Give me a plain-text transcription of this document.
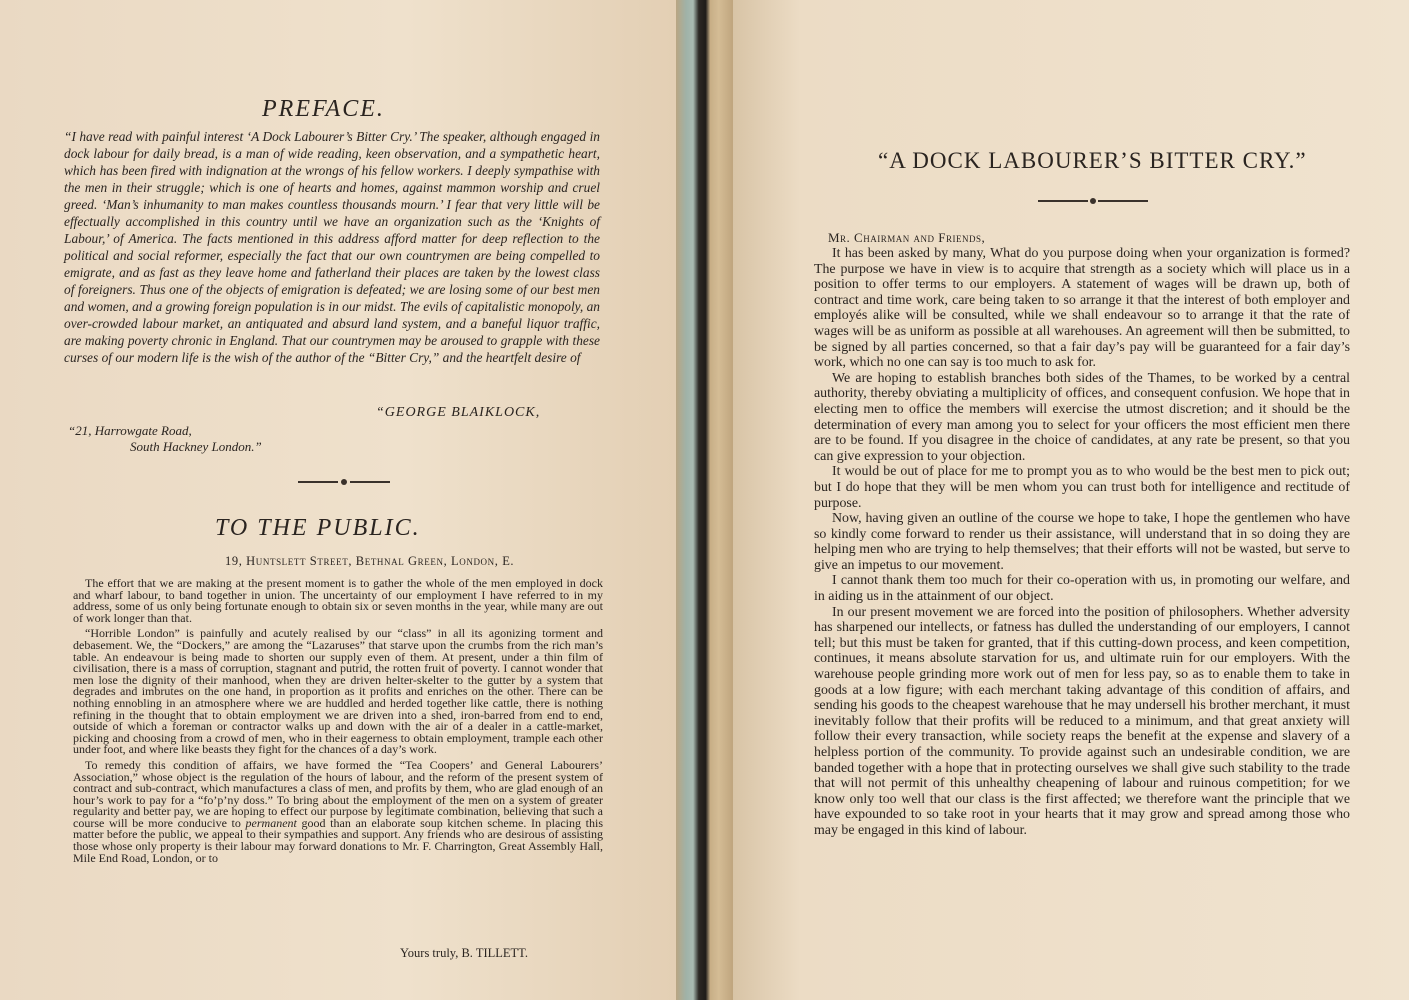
PREFACE.
“I have read with painful interest ‘A Dock Labourer’s Bitter Cry.’ The speaker, although engaged in dock labour for daily bread, is a man of wide reading, keen observation, and a sympathetic heart, which has been fired with indignation at the wrongs of his fellow workers. I deeply sympathise with the men in their struggle; which is one of hearts and homes, against mammon worship and cruel greed. ‘Man’s inhumanity to man makes countless thousands mourn.’ I fear that very little will be effectually accomplished in this country until we have an organization such as the ‘Knights of Labour,’ of America. The facts mentioned in this address afford matter for deep reflection to the political and social reformer, especially the fact that our own countrymen are being compelled to emigrate, and as fast as they leave home and fatherland their places are taken by the lowest class of foreigners. Thus one of the objects of emigration is defeated; we are losing some of our best men and women, and a growing foreign population is in our midst. The evils of capitalistic monopoly, an over-crowded labour market, an antiquated and absurd land system, and a baneful liquor traffic, are making poverty chronic in England. That our countrymen may be aroused to grapple with these curses of our modern life is the wish of the author of the “Bitter Cry,” and the heartfelt desire of
“GEORGE BLAIKLOCK,
“21, Harrowgate Road,
South Hackney London.”
TO THE PUBLIC.
19, Huntslett Street, Bethnal Green, London, E.

The effort that we are making at the present moment is to gather the whole of the men employed in dock and wharf labour, to band together in union. The uncertainty of our employment I have referred to in my address, some of us only being fortunate enough to obtain six or seven months in the year, while many are out of work longer than that.

“Horrible London” is painfully and acutely realised by our “class” in all its agonizing torment and debasement. We, the “Dockers,” are among the “Lazaruses” that starve upon the crumbs from the rich man’s table. An endeavour is being made to shorten our supply even of them. At present, under a thin film of civilisation, there is a mass of corruption, stagnant and putrid, the rotten fruit of poverty. I cannot wonder that men lose the dignity of their manhood, when they are driven helter-skelter to the gutter by a system that degrades and imbrutes on the one hand, in proportion as it profits and enriches on the other. There can be nothing ennobling in an atmosphere where we are huddled and herded together like cattle, there is nothing refining in the thought that to obtain employment we are driven into a shed, iron-barred from end to end, outside of which a foreman or contractor walks up and down with the air of a dealer in a cattle-market, picking and choosing from a crowd of men, who in their eagerness to obtain employment, trample each other under foot, and where like beasts they fight for the chances of a day’s work.

To remedy this condition of affairs, we have formed the “Tea Coopers’ and General Labourers’ Association,” whose object is the regulation of the hours of labour, and the reform of the present system of contract and sub-contract, which manufactures a class of men, and profits by them, who are glad enough of an hour’s work to pay for a “fo’p’ny doss.” To bring about the employment of the men on a system of greater regularity and better pay, we are hoping to effect our purpose by legitimate combination, believing that such a course will be more conducive to permanent good than an elaborate soup kitchen scheme. In placing this matter before the public, we appeal to their sympathies and support. Any friends who are desirous of assisting those whose only property is their labour may forward donations to Mr. F. Charrington, Great Assembly Hall, Mile End Road, London, or to

Yours truly, B. TILLETT.
“A DOCK LABOURER’S BITTER CRY.”
Mr. Chairman and Friends,

It has been asked by many, What do you purpose doing when your organization is formed? The purpose we have in view is to acquire that strength as a society which will place us in a position to offer terms to our employers. A statement of wages will be drawn up, both of contract and time work, care being taken to so arrange it that the interest of both employer and employés alike will be consulted, while we shall endeavour so to arrange it that the rate of wages will be as uniform as possible at all warehouses. An agreement will then be submitted, to be signed by all parties concerned, so that a fair day’s pay will be guaranteed for a fair day’s work, which no one can say is too much to ask for.

We are hoping to establish branches both sides of the Thames, to be worked by a central authority, thereby obviating a multiplicity of offices, and consequent confusion. We hope that in electing men to office the members will exercise the utmost discretion; and it should be the determination of every man among you to select for your officers the most efficient men there are to be found. If you disagree in the choice of candidates, at any rate be present, so that you can give expression to your objection.

It would be out of place for me to prompt you as to who would be the best men to pick out; but I do hope that they will be men whom you can trust both for intelligence and rectitude of purpose.

Now, having given an outline of the course we hope to take, I hope the gentlemen who have so kindly come forward to render us their assistance, will understand that in so doing they are helping men who are trying to help themselves; that their efforts will not be wasted, but serve to give an impetus to our movement.

I cannot thank them too much for their co-operation with us, in promoting our welfare, and in aiding us in the attainment of our object.

In our present movement we are forced into the position of philosophers. Whether adversity has sharpened our intellects, or fatness has dulled the understanding of our employers, I cannot tell; but this must be taken for granted, that if this cutting-down process, and keen competition, continues, it means absolute starvation for us, and ultimate ruin for our employers. With the warehouse people grinding more work out of men for less pay, so as to enable them to take in goods at a low figure; with each merchant taking advantage of this condition of affairs, and sending his goods to the cheapest warehouse that he may undersell his brother merchant, it must inevitably follow that their profits will be reduced to a minimum, and that great anxiety will follow their every transaction, while society reaps the benefit at the expense and slavery of a helpless portion of the community. To provide against such an undesirable condition, we are banded together with a hope that in protecting ourselves we shall give such stability to the trade that will not permit of this unhealthy cheapening of labour and ruinous competition; for we know only too well that our class is the first affected; we therefore want the principle that we have expounded to so take root in your hearts that it may grow and spread among those who may be engaged in this kind of labour.
